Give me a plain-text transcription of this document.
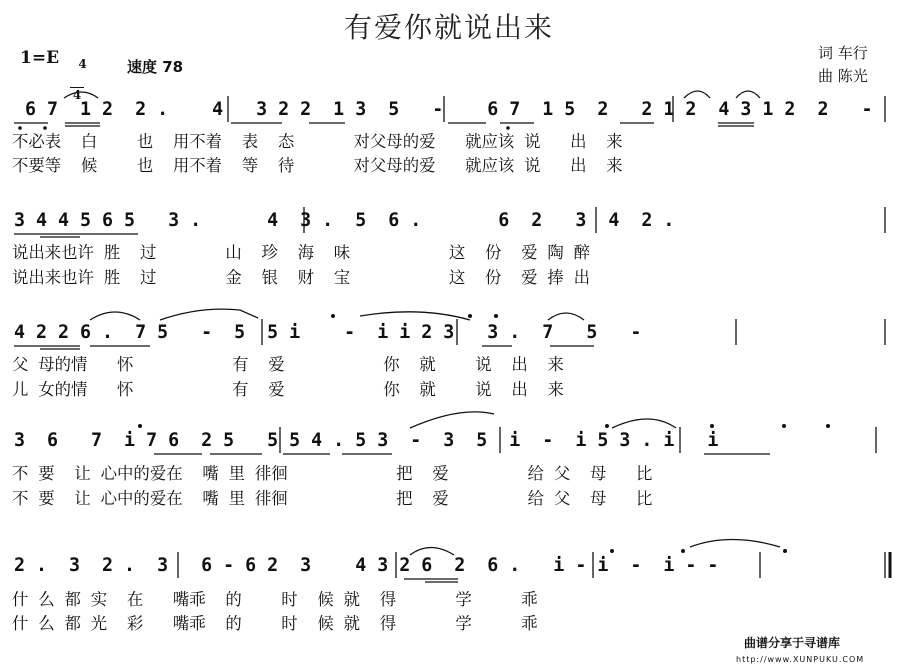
有爱你就说出来
1=E	4

4

速度 78
词 车行
曲 陈光
6 7  1 2  2 .    4   3 2 2  1 3  5   -    6 7  1 5  2   2 1 2  4 3 1 2  2   -
不必表  白    也  用不着  表  态      对父母的爱   就应该 说   出  来
不要等  候    也  用不着  等  待      对父母的爱   就应该 说   出  来
3 4 4 5 6 5   3 .      4  3 .  5  6 .       6  2   3  4  2 .
说出来也许 胜  过       山  珍  海  味          这  份  爱 陶 醉
说出来也许 胜  过       金  银  财  宝          这  份  爱 捧 出
4 2 2 6 .  7 5   -  5  5 i    -  i i 2 3   3 .  7   5   -
父 母的情   怀          有  爱          你  就    说  出  来
儿 女的情   怀          有  爱          你  就    说  出  来
3  6   7  i 7 6  2 5   5 5 4 . 5 3  -  3  5  i  -  i 5 3 . i   i
不 要  让 心中的爱在  嘴 里 徘徊           把  爱        给 父  母   比
不 要  让 心中的爱在  嘴 里 徘徊           把  爱        给 父  母   比
2 .  3  2 .  3   6 - 6 2  3    4 3 2 6  2  6 .   i - i  -  i - -
什 么 都 实  在   嘴乖  的    时  候 就  得      学     乖
什 么 都 光  彩   嘴乖  的    时  候 就  得      学     乖
曲谱分享于寻谱库
http://www.XUNPUKU.COM
